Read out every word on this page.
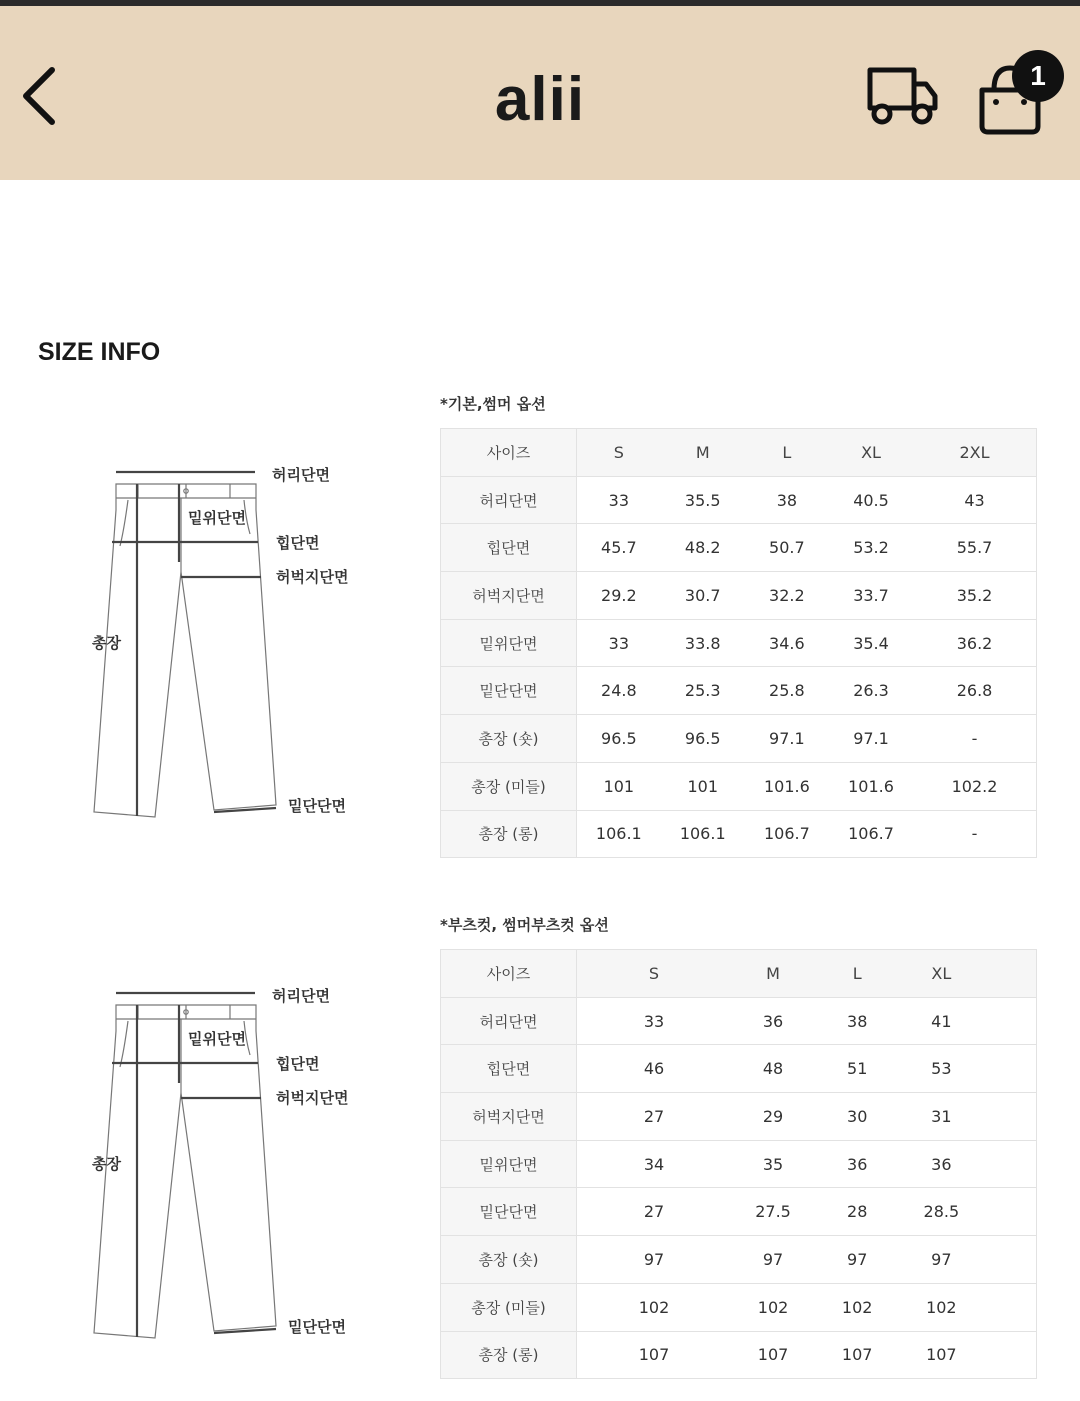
alii	1
SIZE INFO
허리단면
밑위단면
힙단면
허벅지단면
총장
밑단단면
*기본,썸머 옵션
사이즈	S	M	L	XL	2XL
허리단면	33	35.5	38	40.5	43
힙단면	45.7	48.2	50.7	53.2	55.7
허벅지단면	29.2	30.7	32.2	33.7	35.2
밑위단면	33	33.8	34.6	35.4	36.2
밑단단면	24.8	25.3	25.8	26.3	26.8
총장 (숏)	96.5	96.5	97.1	97.1	-
총장 (미들)	101	101	101.6	101.6	102.2
총장 (롱)	106.1	106.1	106.7	106.7	-
허리단면
밑위단면
힙단면
허벅지단면
총장
밑단단면
*부츠컷, 썸머부츠컷 옵션
사이즈	S	M	L	XL	
허리단면	33	36	38	41	
힙단면	46	48	51	53	
허벅지단면	27	29	30	31	
밑위단면	34	35	36	36	
밑단단면	27	27.5	28	28.5	
총장 (숏)	97	97	97	97	
총장 (미들)	102	102	102	102	
총장 (롱)	107	107	107	107	
